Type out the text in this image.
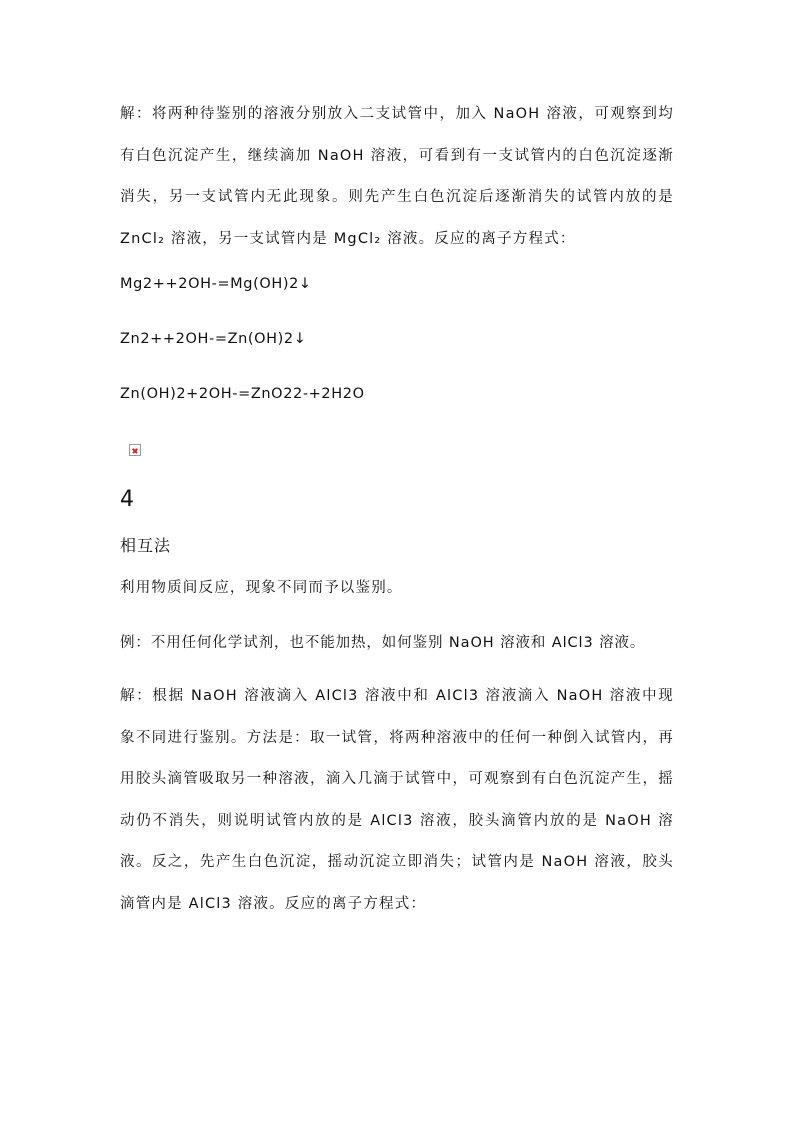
解：将两种待鉴别的溶液分别放入二支试管中，加入 NaOH 溶液，可观察到均有白色沉淀产生，继续滴加 NaOH 溶液，可看到有一支试管内的白色沉淀逐渐消失，另一支试管内无此现象。则先产生白色沉淀后逐渐消失的试管内放的是 ZnCl₂ 溶液，另一支试管内是 MgCl₂ 溶液。反应的离子方程式：

Mg2++2OH-=Mg(OH)2↓

Zn2++2OH-=Zn(OH)2↓

Zn(OH)2+2OH-=ZnO22-+2H2O

4
相互法

利用物质间反应，现象不同而予以鉴别。

例：不用任何化学试剂，也不能加热，如何鉴别 NaOH 溶液和 AlCl3 溶液。

解：根据 NaOH 溶液滴入 AlCl3 溶液中和 AlCl3 溶液滴入 NaOH 溶液中现象不同进行鉴别。方法是：取一试管，将两种溶液中的任何一种倒入试管内，再用胶头滴管吸取另一种溶液，滴入几滴于试管中，可观察到有白色沉淀产生，摇动仍不消失，则说明试管内放的是 AlCl3 溶液，胶头滴管内放的是 NaOH 溶液。反之，先产生白色沉淀，摇动沉淀立即消失；试管内是 NaOH 溶液，胶头滴管内是 AlCl3 溶液。反应的离子方程式：
